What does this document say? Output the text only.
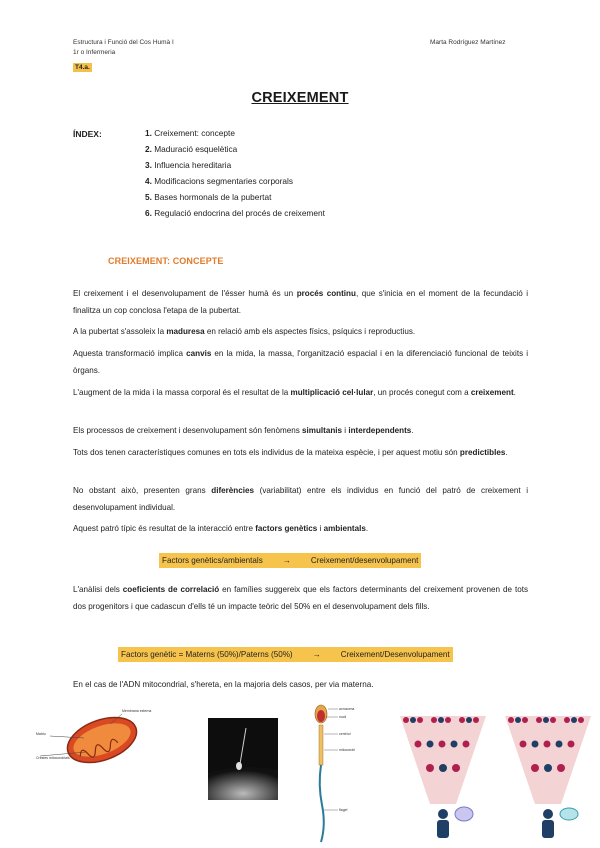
Estructura i Funció del Cos Humà I
1r o Infermeria
Marta Rodríguez Martínez
T4.a.
CREIXEMENT
ÍNDEX:	1. Creixement: concepte
2. Maduració esquelètica
3. Influencia hereditaria
4. Modificacions segmentaries corporals
5. Bases hormonals de la pubertat
6. Regulació endocrina del procés de creixement
CREIXEMENT: CONCEPTE
El creixement i el desenvolupament de l'ésser humà és un procés continu, que s'inicia en el moment de la fecundació i finalitza un cop conclosa l'etapa de la pubertat.
A la pubertat s'assoleix la maduresa en relació amb els aspectes físics, psíquics i reproductius.
Aquesta transformació implica canvis en la mida, la massa, l'organització espacial i en la diferenciació funcional de teixits i òrgans.
L'augment de la mida i la massa corporal és el resultat de la multiplicació cel·lular, un procés conegut com a creixement.
Els processos de creixement i desenvolupament són fenòmens simultanis i interdependents.
Tots dos tenen característiques comunes en tots els individus de la mateixa espècie, i per aquest motiu són predictibles.
No obstant això, presenten grans diferències (variabilitat) entre els individus en funció del patró de creixement i desenvolupament individual.
Aquest patró típic és resultat de la interacció entre factors genètics i ambientals.
Factors genètics/ambientals → Creixement/desenvolupament
L'anàlisi dels coeficients de correlació en famílies suggereix que els factors determinants del creixement provenen de tots dos progenitors i que cadascun d'ells té un impacte teòric del 50% en el desenvolupament dels fills.
Factors genètic = Materns (50%)/Paterns (50%) → Creixement/Desenvolupament
En el cas de l'ADN mitocondrial, s'hereta, en la majoria dels casos, per via materna.
Membrana externa
Matriu
Crestes mitocondrials
acrosoma
nucli
centríol
mitocondri
flagel
